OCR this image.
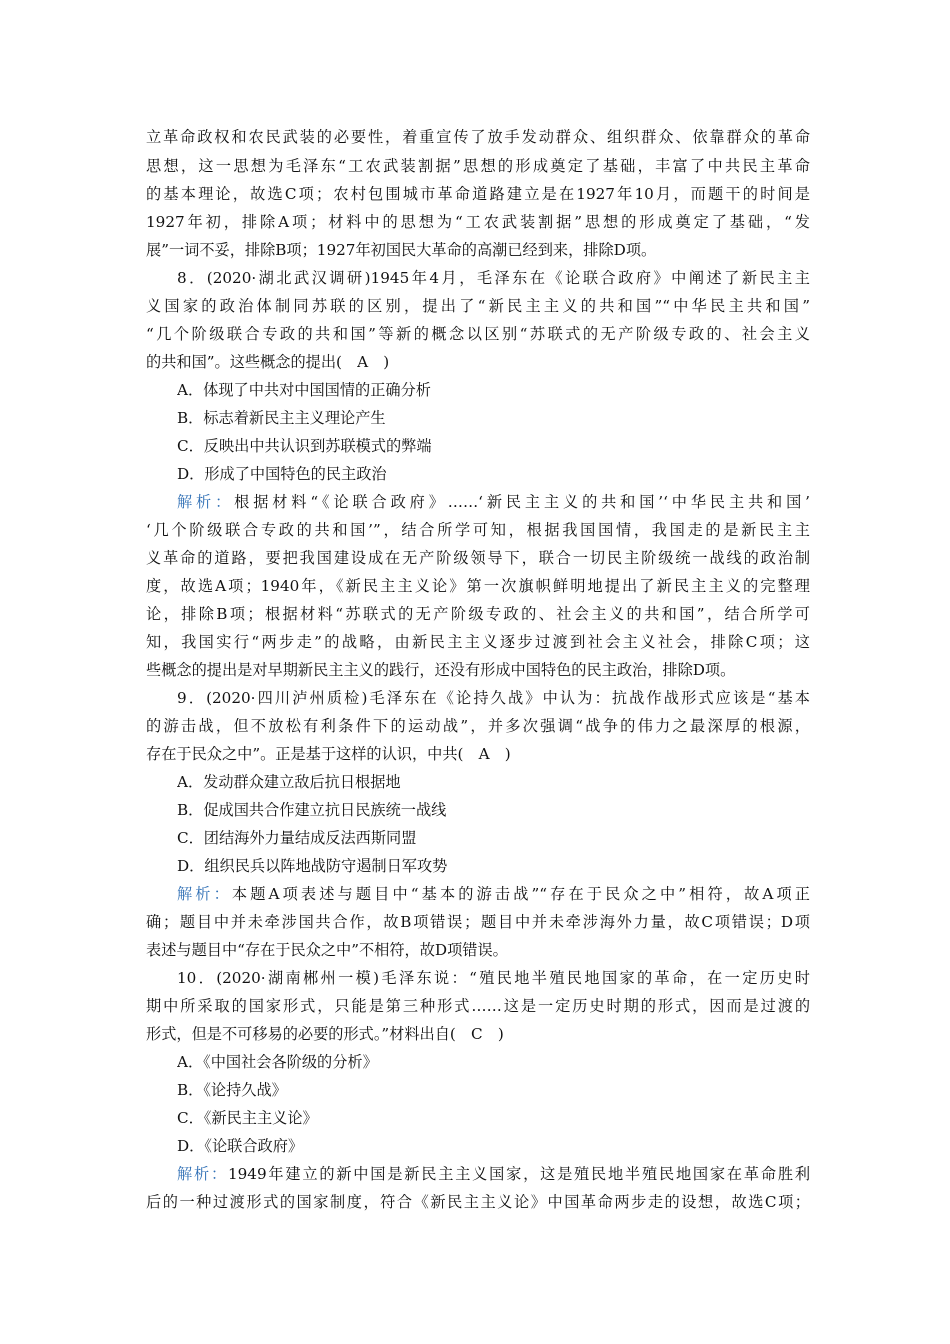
立革命政权和农民武装的必要性，着重宣传了放手发动群众、组织群众、依靠群众的革命
思想，这一思想为毛泽东“工农武装割据”思想的形成奠定了基础，丰富了中共民主革命
的基本理论，故选C项；农村包围城市革命道路建立是在1927年10月，而题干的时间是
1927年初，排除A项；材料中的思想为“工农武装割据”思想的形成奠定了基础，“发
展”一词不妥，排除B项；1927年初国民大革命的高潮已经到来，排除D项。
8．(2020·湖北武汉调研)1945年4月，毛泽东在《论联合政府》中阐述了新民主主
义国家的政治体制同苏联的区别，提出了“新民主主义的共和国”“中华民主共和国”
“几个阶级联合专政的共和国”等新的概念以区别“苏联式的无产阶级专政的、社会主义
的共和国”。这些概念的提出(　A　)
A．体现了中共对中国国情的正确分析
B．标志着新民主主义理论产生
C．反映出中共认识到苏联模式的弊端
D．形成了中国特色的民主政治
解析：根据材料“《论联合政府》……‘新民主主义的共和国’‘中华民主共和国’
‘几个阶级联合专政的共和国’”，结合所学可知，根据我国国情，我国走的是新民主主
义革命的道路，要把我国建设成在无产阶级领导下，联合一切民主阶级统一战线的政治制
度，故选A项；1940年，《新民主主义论》第一次旗帜鲜明地提出了新民主主义的完整理
论，排除B项；根据材料“苏联式的无产阶级专政的、社会主义的共和国”，结合所学可
知，我国实行“两步走”的战略，由新民主主义逐步过渡到社会主义社会，排除C项；这
些概念的提出是对早期新民主主义的践行，还没有形成中国特色的民主政治，排除D项。
9．(2020·四川泸州质检)毛泽东在《论持久战》中认为：抗战作战形式应该是“基本
的游击战，但不放松有利条件下的运动战”，并多次强调“战争的伟力之最深厚的根源，
存在于民众之中”。正是基于这样的认识，中共(　A　)
A．发动群众建立敌后抗日根据地
B．促成国共合作建立抗日民族统一战线
C．团结海外力量结成反法西斯同盟
D．组织民兵以阵地战防守遏制日军攻势
解析：本题A项表述与题目中“基本的游击战”“存在于民众之中”相符，故A项正
确；题目中并未牵涉国共合作，故B项错误；题目中并未牵涉海外力量，故C项错误；D项
表述与题目中“存在于民众之中”不相符，故D项错误。
10．(2020·湖南郴州一模)毛泽东说：“殖民地半殖民地国家的革命，在一定历史时
期中所采取的国家形式，只能是第三种形式……这是一定历史时期的形式，因而是过渡的
形式，但是不可移易的必要的形式。”材料出自(　C　)
A．《中国社会各阶级的分析》
B．《论持久战》
C．《新民主主义论》
D．《论联合政府》
解析：1949年建立的新中国是新民主主义国家，这是殖民地半殖民地国家在革命胜利
后的一种过渡形式的国家制度，符合《新民主主义论》中国革命两步走的设想，故选C项；
